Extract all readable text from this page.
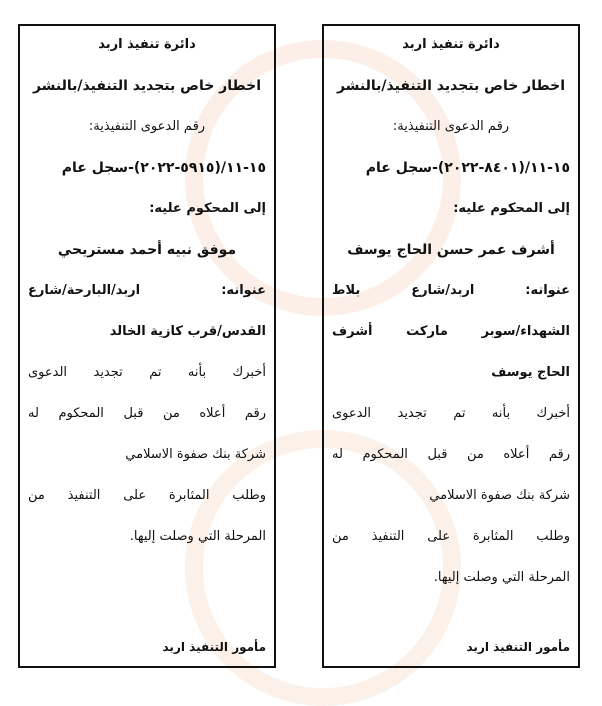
دائرة تنفيذ اربد
اخطار خاص بتجديد التنفيذ/بالنشر
رقم الدعوى التنفيذية:
١٥-١١/(٥٩١٥-٢٠٢٢)-سجل عام
إلى المحكوم عليه:
موفق نبيه أحمد مستريحي
عنوانه: اربد/البارحة/شارع
القدس/قرب كازية الخالد
أخبرك بأنه تم تجديد الدعوى
رقم أعلاه من قبل المحكوم له
شركة بنك صفوة الاسلامي
وطلب المثابرة على التنفيذ من
المرحلة التي وصلت إليها.
مأمور التنفيذ اربد
دائرة تنفيذ اربد
اخطار خاص بتجديد التنفيذ/بالنشر
رقم الدعوى التنفيذية:
١٥-١١/(٨٤٠١-٢٠٢٢)-سجل عام
إلى المحكوم عليه:
أشرف عمر حسن الحاج يوسف
عنوانه: اربد/شارع بلاط
الشهداء/سوبر ماركت أشرف
الحاج يوسف
أخبرك بأنه تم تجديد الدعوى
رقم أعلاه من قبل المحكوم له
شركة بنك صفوة الاسلامي
وطلب المثابرة على التنفيذ من
المرحلة التي وصلت إليها.
مأمور التنفيذ اربد
